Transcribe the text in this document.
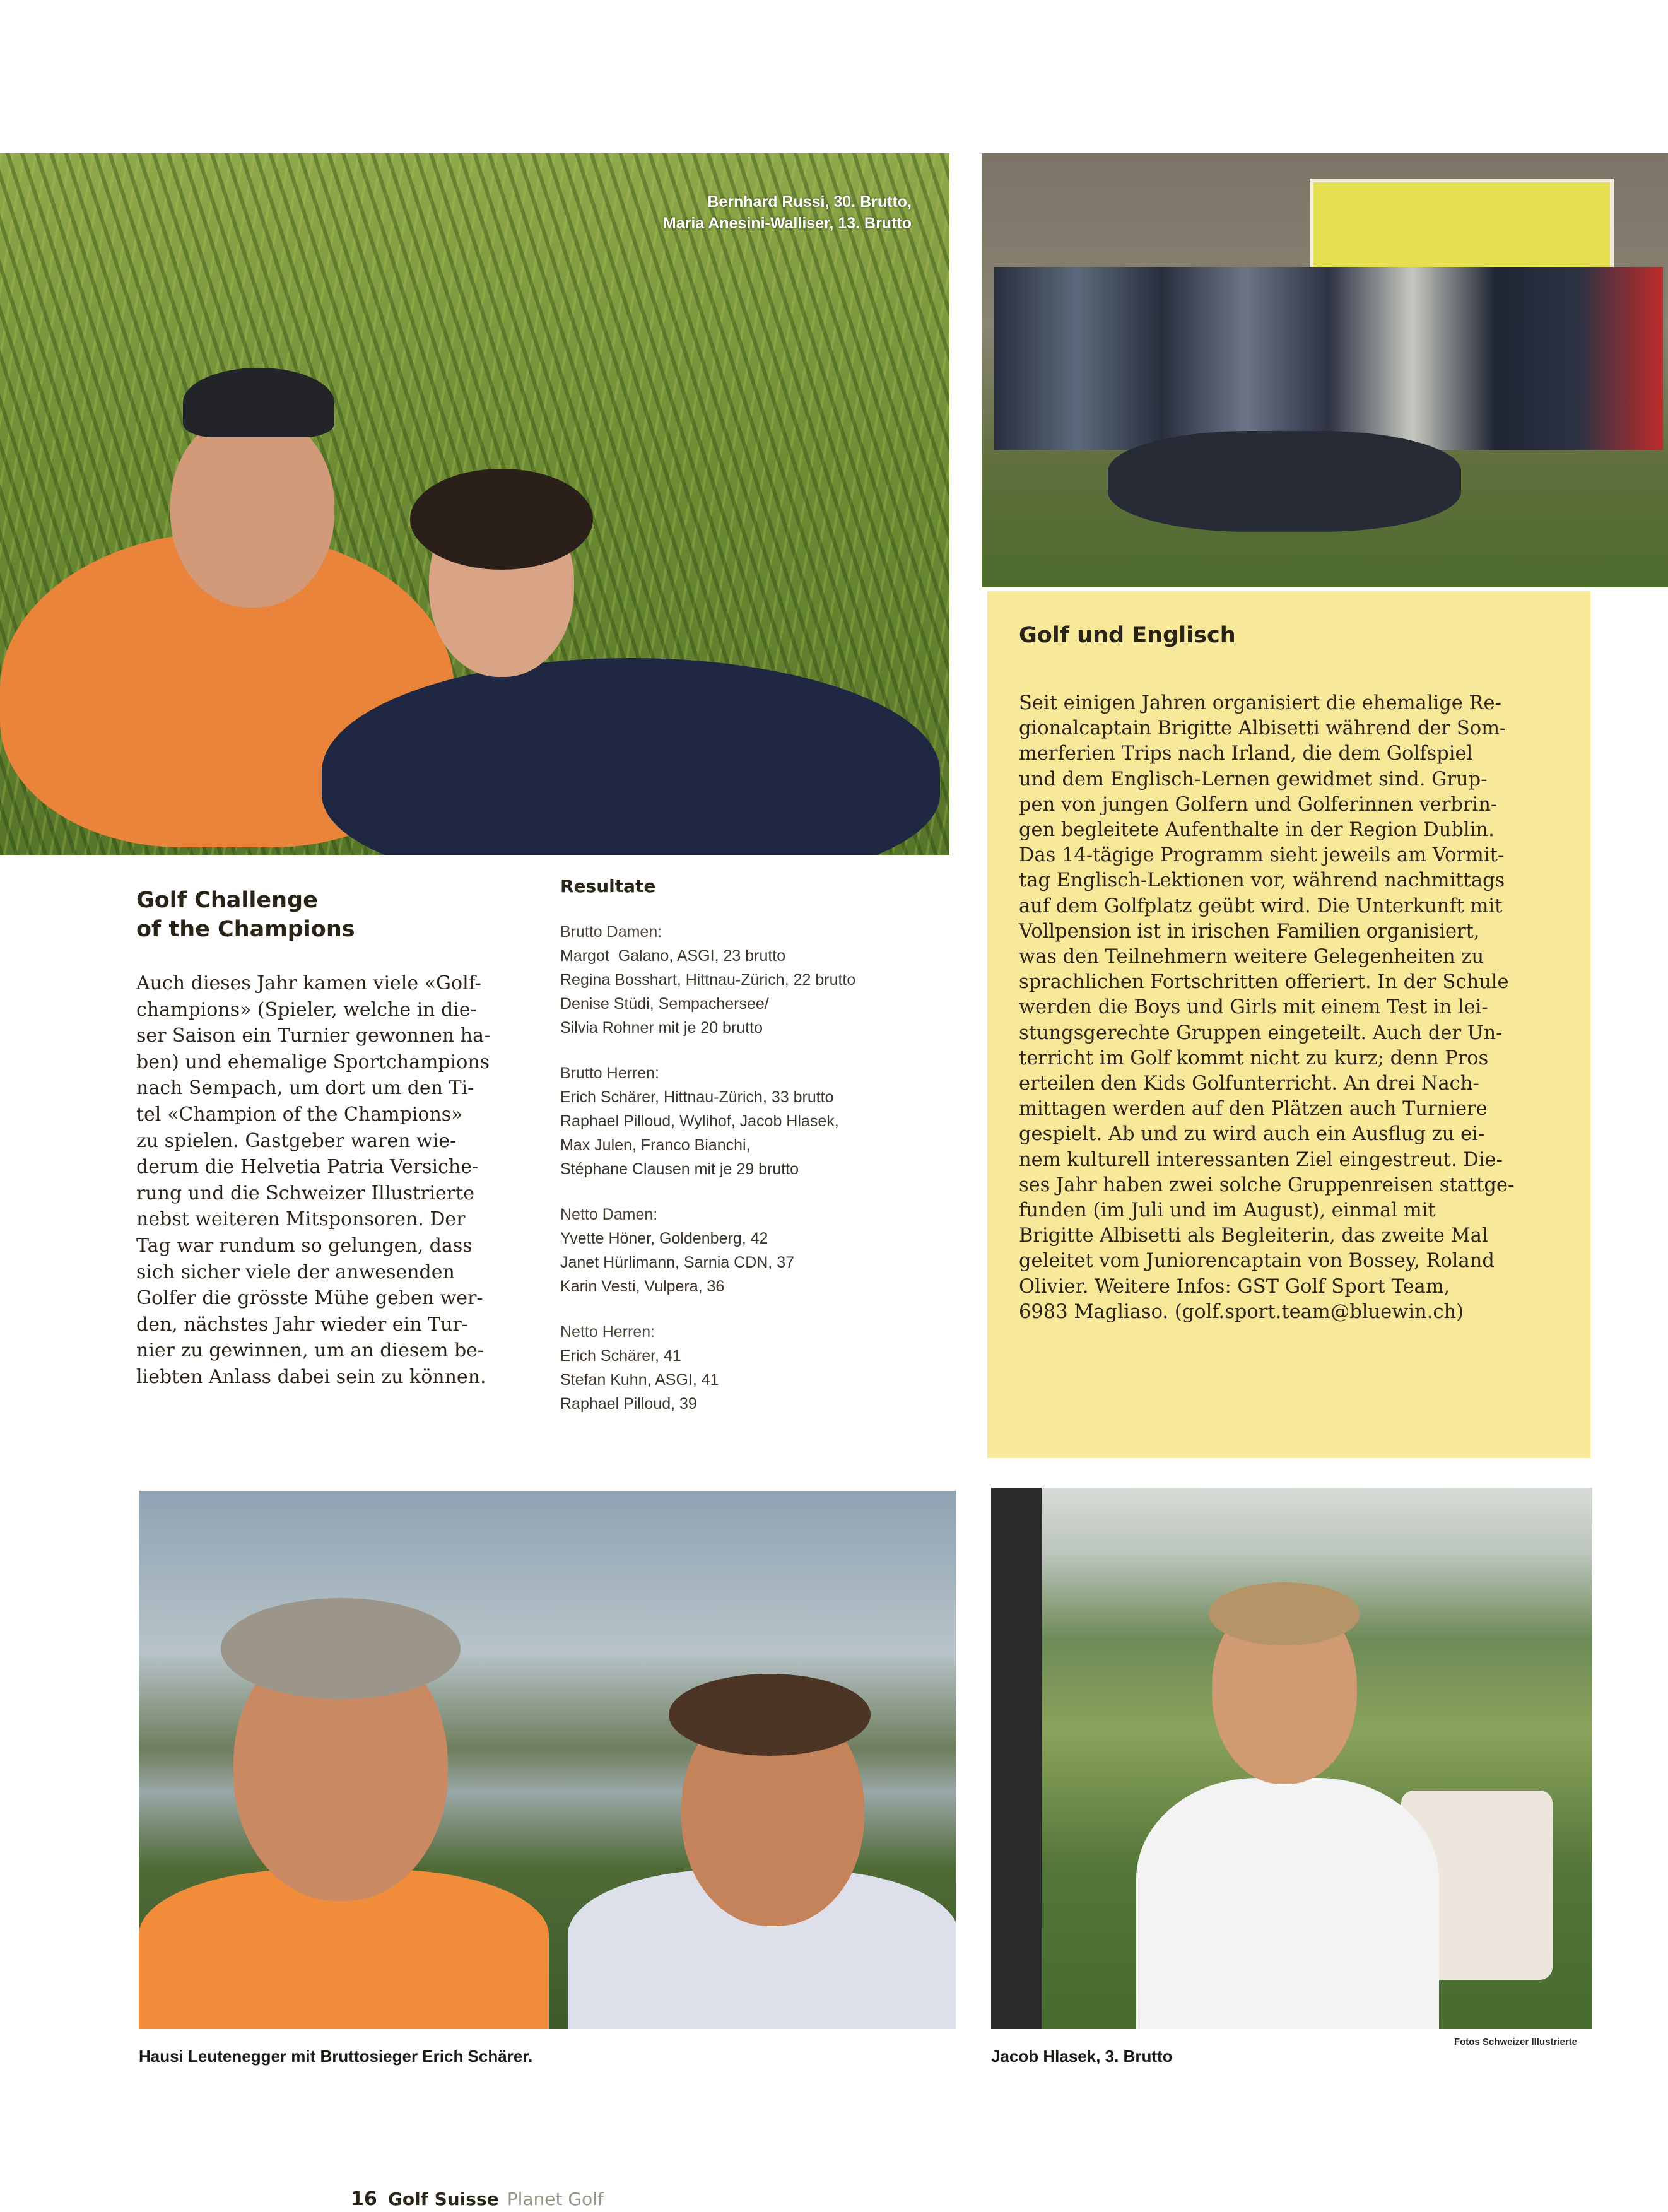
Bernhard Russi, 30. Brutto,
Maria Anesini-Walliser, 13. Brutto
Golf Challenge
of the Champions
Auch dieses Jahr kamen viele «Golf-
champions» (Spieler, welche in die-
ser Saison ein Turnier gewonnen ha-
ben) und ehemalige Sportchampions
nach Sempach, um dort um den Ti-
tel «Champion of the Champions»
zu spielen. Gastgeber waren wie-
derum die Helvetia Patria Versiche-
rung und die Schweizer Illustrierte
nebst weiteren Mitsponsoren. Der
Tag war rundum so gelungen, dass
sich sicher viele der anwesenden
Golfer die grösste Mühe geben wer-
den, nächstes Jahr wieder ein Tur-
nier zu gewinnen, um an diesem be-
liebten Anlass dabei sein zu können.
Resultate
Brutto Damen:
Margot  Galano, ASGI, 23 brutto
Regina Bosshart, Hittnau-Zürich, 22 brutto
Denise Stüdi, Sempachersee/
Silvia Rohner mit je 20 brutto
Brutto Herren:
Erich Schärer, Hittnau-Zürich, 33 brutto
Raphael Pilloud, Wylihof, Jacob Hlasek,
Max Julen, Franco Bianchi,
Stéphane Clausen mit je 29 brutto
Netto Damen:
Yvette Höner, Goldenberg, 42
Janet Hürlimann, Sarnia CDN, 37
Karin Vesti, Vulpera, 36
Netto Herren:
Erich Schärer, 41
Stefan Kuhn, ASGI, 41
Raphael Pilloud, 39
Golf und Englisch
Seit einigen Jahren organisiert die ehemalige Re-
gionalcaptain Brigitte Albisetti während der Som-
merferien Trips nach Irland, die dem Golfspiel
und dem Englisch-Lernen gewidmet sind. Grup-
pen von jungen Golfern und Golferinnen verbrin-
gen begleitete Aufenthalte in der Region Dublin.
Das 14-tägige Programm sieht jeweils am Vormit-
tag Englisch-Lektionen vor, während nachmittags
auf dem Golfplatz geübt wird. Die Unterkunft mit
Vollpension ist in irischen Familien organisiert,
was den Teilnehmern weitere Gelegenheiten zu
sprachlichen Fortschritten offeriert. In der Schule
werden die Boys und Girls mit einem Test in lei-
stungsgerechte Gruppen eingeteilt. Auch der Un-
terricht im Golf kommt nicht zu kurz; denn Pros
erteilen den Kids Golfunterricht. An drei Nach-
mittagen werden auf den Plätzen auch Turniere
gespielt. Ab und zu wird auch ein Ausflug zu ei-
nem kulturell interessanten Ziel eingestreut. Die-
ses Jahr haben zwei solche Gruppenreisen stattge-
funden (im Juli und im August), einmal mit
Brigitte Albisetti als Begleiterin, das zweite Mal
geleitet vom Juniorencaptain von Bossey, Roland
Olivier. Weitere Infos: GST Golf Sport Team,
6983 Magliaso. (golf.sport.team@bluewin.ch)
Hausi Leutenegger mit Bruttosieger Erich Schärer.	Jacob Hlasek, 3. Brutto
Fotos Schweizer Illustrierte
16 Golf Suisse Planet Golf
